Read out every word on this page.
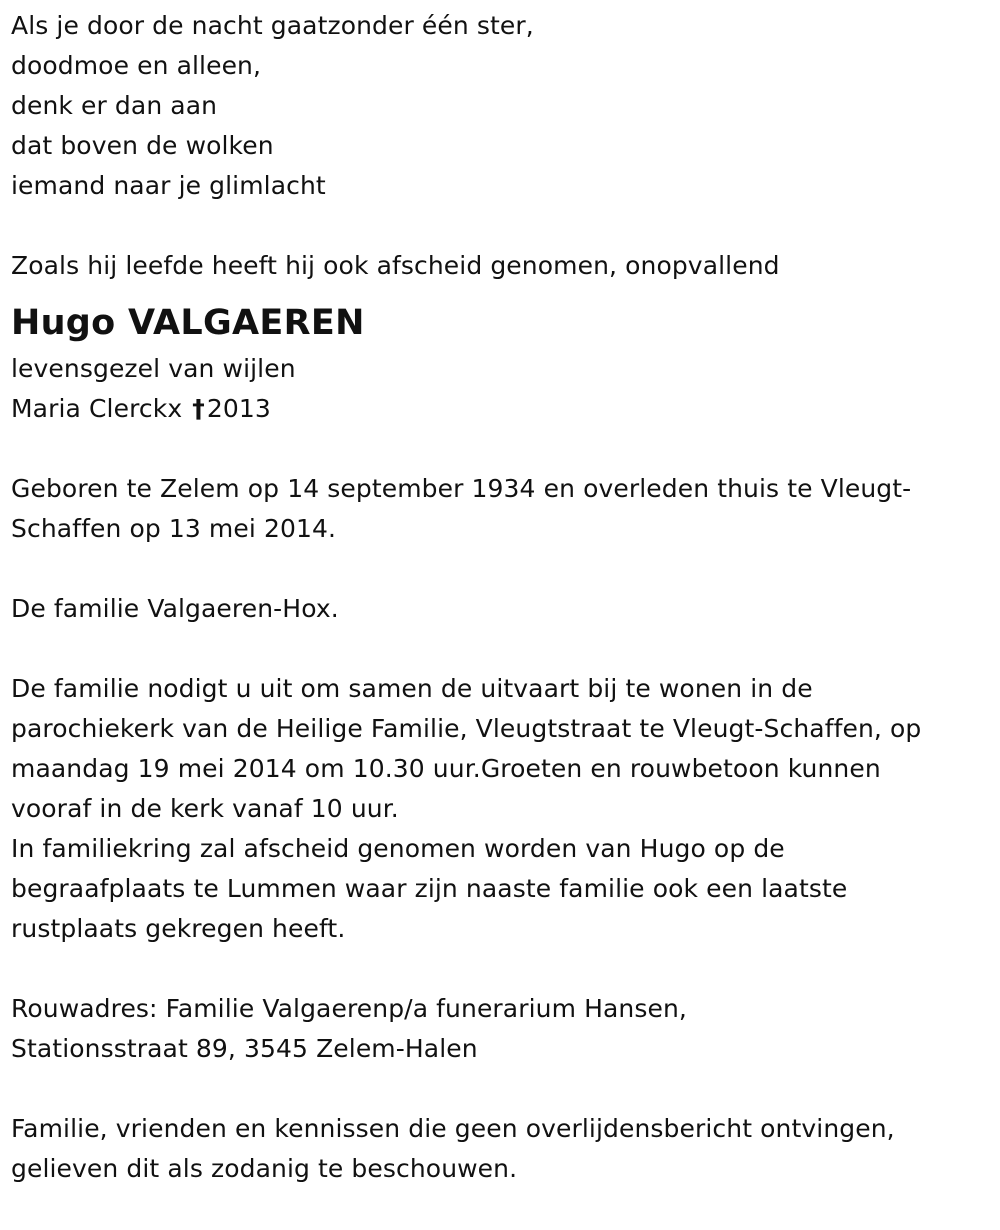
Als je door de nacht gaatzonder één ster,
doodmoe en alleen,
denk er dan aan
dat boven de wolken
iemand naar je glimlacht
Zoals hij leefde heeft hij ook afscheid genomen, onopvallend
Hugo VALGAEREN
levensgezel van wijlen
Maria Clerckx †2013
Geboren te Zelem op 14 september 1934 en overleden thuis te Vleugt-
Schaffen op 13 mei 2014.
De familie Valgaeren-Hox.
De familie nodigt u uit om samen de uitvaart bij te wonen in de
parochiekerk van de Heilige Familie, Vleugtstraat te Vleugt-Schaffen, op
maandag 19 mei 2014 om 10.30 uur.Groeten en rouwbetoon kunnen
vooraf in de kerk vanaf 10 uur.
In familiekring zal afscheid genomen worden van Hugo op de
begraafplaats te Lummen waar zijn naaste familie ook een laatste
rustplaats gekregen heeft.
Rouwadres: Familie Valgaerenp/a funerarium Hansen,
Stationsstraat 89, 3545 Zelem-Halen
Familie, vrienden en kennissen die geen overlijdensbericht ontvingen,
gelieven dit als zodanig te beschouwen.
